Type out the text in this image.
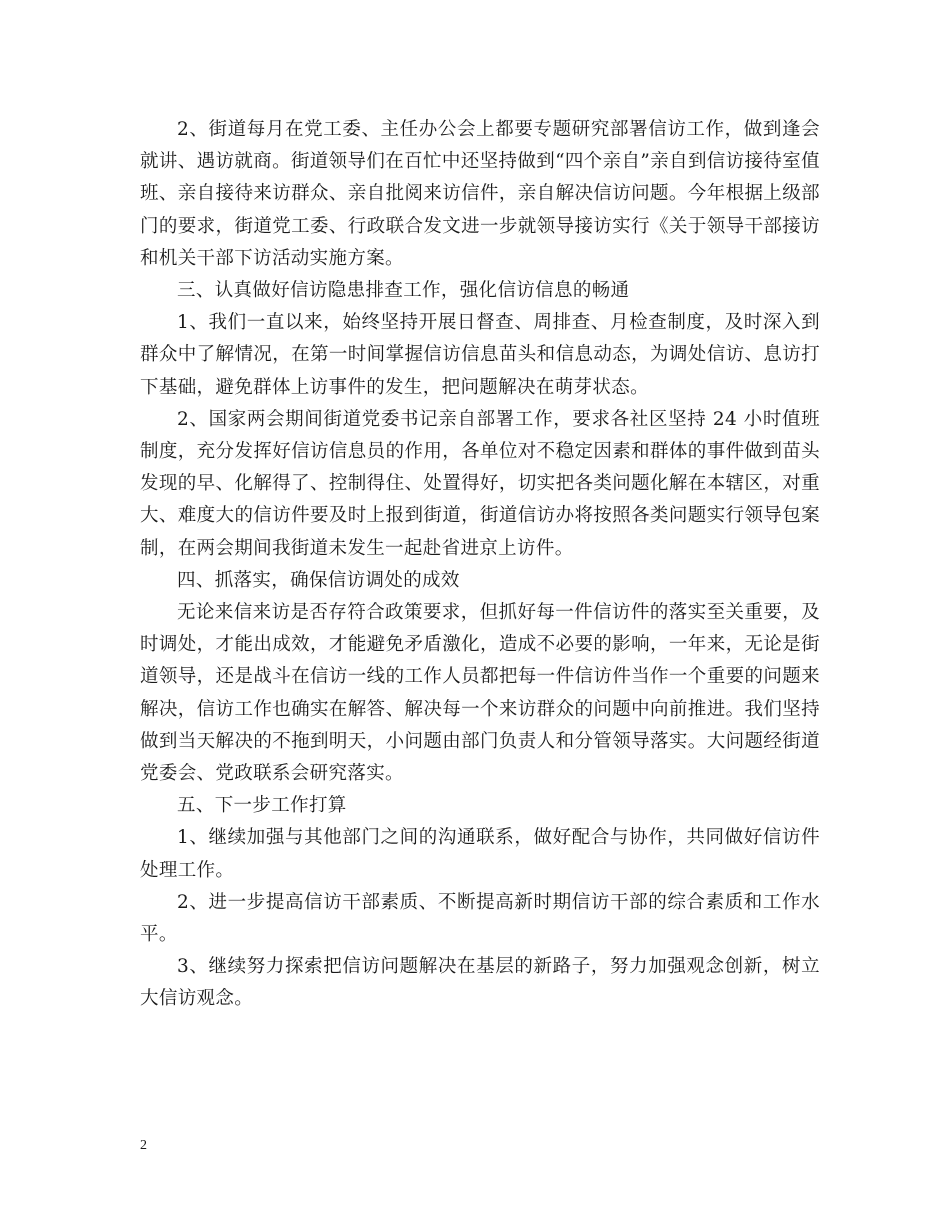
2、街道每月在党工委、主任办公会上都要专题研究部署信访工作，做到逢会就讲、遇访就商。街道领导们在百忙中还坚持做到“四个亲自”亲自到信访接待室值班、亲自接待来访群众、亲自批阅来访信件，亲自解决信访问题。今年根据上级部门的要求，街道党工委、行政联合发文进一步就领导接访实行《关于领导干部接访和机关干部下访活动实施方案。

三、认真做好信访隐患排查工作，强化信访信息的畅通

1、我们一直以来，始终坚持开展日督查、周排查、月检查制度，及时深入到群众中了解情况，在第一时间掌握信访信息苗头和信息动态，为调处信访、息访打下基础，避免群体上访事件的发生，把问题解决在萌芽状态。

2、国家两会期间街道党委书记亲自部署工作，要求各社区坚持 24 小时值班制度，充分发挥好信访信息员的作用，各单位对不稳定因素和群体的事件做到苗头发现的早、化解得了、控制得住、处置得好，切实把各类问题化解在本辖区，对重大、难度大的信访件要及时上报到街道，街道信访办将按照各类问题实行领导包案制，在两会期间我街道未发生一起赴省进京上访件。

四、抓落实，确保信访调处的成效

无论来信来访是否存符合政策要求，但抓好每一件信访件的落实至关重要，及时调处，才能出成效，才能避免矛盾激化，造成不必要的影响，一年来，无论是街道领导，还是战斗在信访一线的工作人员都把每一件信访件当作一个重要的问题来解决，信访工作也确实在解答、解决每一个来访群众的问题中向前推进。我们坚持做到当天解决的不拖到明天，小问题由部门负责人和分管领导落实。大问题经街道党委会、党政联系会研究落实。

五、下一步工作打算

1、继续加强与其他部门之间的沟通联系，做好配合与协作，共同做好信访件处理工作。

2、进一步提高信访干部素质、不断提高新时期信访干部的综合素质和工作水平。

3、继续努力探索把信访问题解决在基层的新路子，努力加强观念创新，树立大信访观念。

2
